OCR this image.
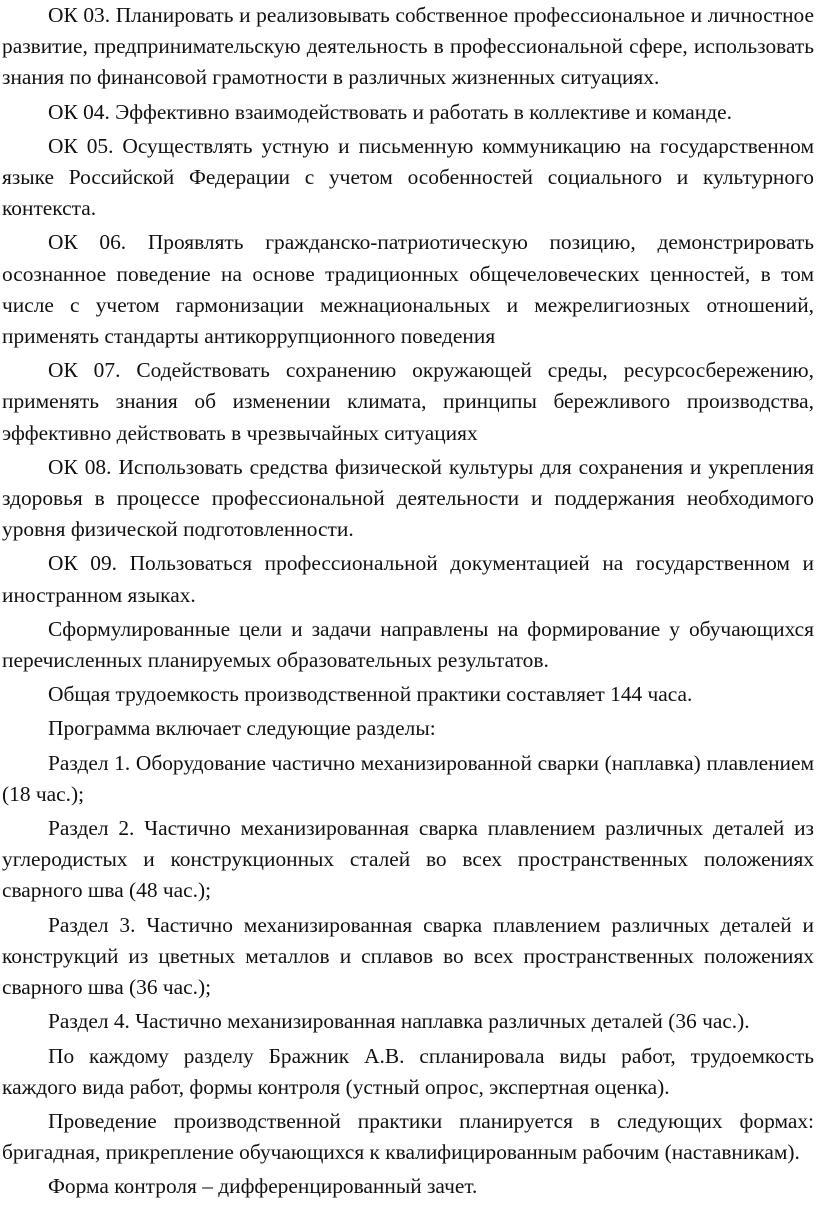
ОК 03. Планировать и реализовывать собственное профессиональное и личностное развитие, предпринимательскую деятельность в профессиональной сфере, использовать знания по финансовой грамотности в различных жизненных ситуациях.

ОК 04. Эффективно взаимодействовать и работать в коллективе и команде.

ОК 05. Осуществлять устную и письменную коммуникацию на государственном языке Российской Федерации с учетом особенностей социального и культурного контекста.

ОК 06. Проявлять гражданско-патриотическую позицию, демонстрировать осознанное поведение на основе традиционных общечеловеческих ценностей, в том числе с учетом гармонизации межнациональных и межрелигиозных отношений, применять стандарты антикоррупционного поведения

ОК 07. Содействовать сохранению окружающей среды, ресурсосбережению, применять знания об изменении климата, принципы бережливого производства, эффективно действовать в чрезвычайных ситуациях

ОК 08. Использовать средства физической культуры для сохранения и укрепления здоровья в процессе профессиональной деятельности и поддержания необходимого уровня физической подготовленности.

ОК 09. Пользоваться профессиональной документацией на государственном и иностранном языках.

Сформулированные цели и задачи направлены на формирование у обучающихся перечисленных планируемых образовательных результатов.

Общая трудоемкость производственной практики составляет 144 часа.

Программа включает следующие разделы:

Раздел 1. Оборудование частично механизированной сварки (наплавка) плавлением (18 час.);

Раздел 2. Частично механизированная сварка плавлением различных деталей из углеродистых и конструкционных сталей во всех пространственных положениях сварного шва (48 час.);

Раздел 3. Частично механизированная сварка плавлением различных деталей и конструкций из цветных металлов и сплавов во всех пространственных положениях сварного шва (36 час.);

Раздел 4. Частично механизированная наплавка различных деталей (36 час.).

По каждому разделу Бражник А.В. спланировала виды работ, трудоемкость каждого вида работ, формы контроля (устный опрос, экспертная оценка).

Проведение производственной практики планируется в следующих формах: бригадная, прикрепление обучающихся к квалифицированным рабочим (наставникам).

Форма контроля – дифференцированный зачет.
